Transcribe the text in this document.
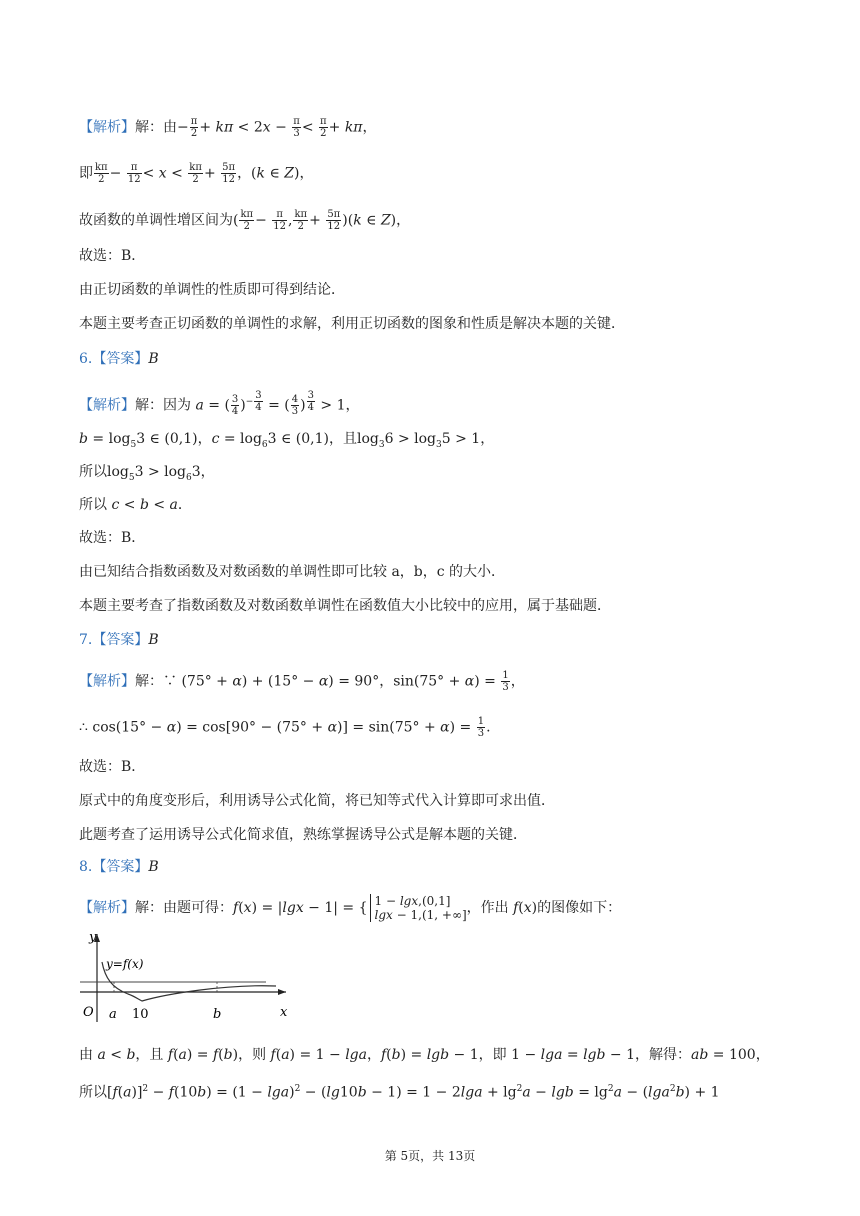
【解析】解：由− $\frac{\pi}{2} + k\pi < 2x - \frac{\pi}{3} < \frac{\pi}{2} + k\pi$，
即 $\frac{k\pi}{2} - \frac{\pi}{12} < x < \frac{k\pi}{2} + \frac{5\pi}{12}$ ，(k ∈ Z)，
故函数的单调性增区间为( $\frac{k\pi}{2} - \frac{\pi}{12}$ , $\frac{k\pi}{2} + \frac{5\pi}{12} )(k$ ∈ Z)，
故选：B．
由正切函数的单调性的性质即可得到结论．
本题主要考查正切函数的单调性的求解，利用正切函数的图象和性质是解决本题的关键．
6.【答案】B
【解析】解：因为 a = ( $\frac{3}{4} )^{- \frac{3}{4}}$ = ( $\frac{4}{3}$ ) $^{\frac{3}{4}}$ > 1，
$b = \log_53$ ∈ (0,1)，$c = \log_63$ ∈ (0,1)，且$\log_36 > \log_35 > 1$，
所以$\log_53 > \log_63$，
所以 c < b < a．
故选：B．
由已知结合指数函数及对数函数的单调性即可比较 a，b，c 的大小．
本题主要考查了指数函数及对数函数单调性在函数值大小比较中的应用，属于基础题．
7.【答案】B
【解析】解：∵ (75° + α) + (15° − α) = 90°，$\sin(75^\circ + \alpha) = \frac{1}{3}$ ，
∴ $\cos(15^\circ - \alpha) = \cos[90^\circ - (75^\circ + \alpha)] = \sin(75^\circ + \alpha) = \frac{1}{3}$ .
故选：B．
原式中的角度变形后，利用诱导公式化简，将已知等式代入计算即可求出值．
此题考查了运用诱导公式化简求值，熟练掌握诱导公式是解本题的关键．
8.【答案】B
【解析】解：由题可得：f(x) = |lgx − 1| = { 1 − lgx,(0,1]
lgx − 1,(1, +∞] ，作出 f(x)的图像如下：
y
x
O
y=f(x)
a 10	b
由 a < b，且 f(a) = f(b)，则 f(a) = 1 − lga，f(b) = lgb − 1，即 1 − lga = lgb − 1，解得：ab = 100，
所以$[f(a)]^2 - f(10b) = (1 - \lg a)^2 - (\lg 10b - 1) = 1 - 2\lg a + \lg^2a - \lg b = \lg^2a - (\lg a^2b) + 1$
第 5页，共 13页
